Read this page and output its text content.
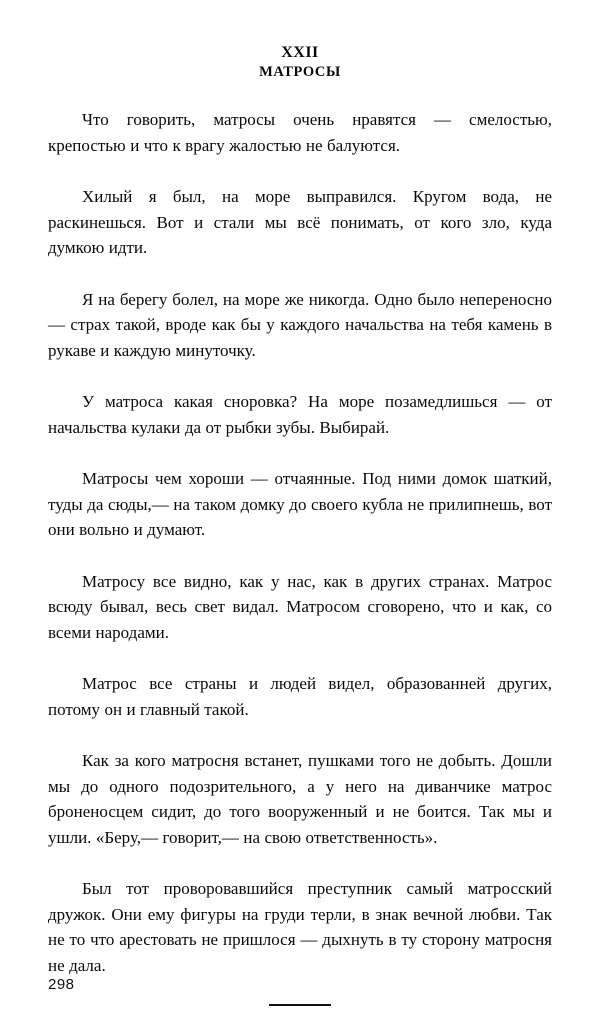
XXII
МАТРОСЫ

Что говорить, матросы очень нравятся — смелостью, крепостью и что к врагу жалостью не балуются.

Хилый я был, на море выправился. Кругом вода, не раскинешься. Вот и стали мы всё понимать, от кого зло, куда думкою идти.

Я на берегу болел, на море же никогда. Одно было непереносно — страх такой, вроде как бы у каждого начальства на тебя камень в рукаве и каждую минуточку.

У матроса какая сноровка? На море позамедлишься — от начальства кулаки да от рыбки зубы. Выбирай.

Матросы чем хороши — отчаянные. Под ними домок шаткий, туды да сюды,— на таком домку до своего кубла не прилипнешь, вот они вольно и думают.

Матросу все видно, как у нас, как в других странах. Матрос всюду бывал, весь свет видал. Матросом сговорено, что и как, со всеми народами.

Матрос все страны и людей видел, образованней других, потому он и главный такой.

Как за кого матросня встанет, пушками того не добыть. Дошли мы до одного подозрительного, а у него на диванчике матрос броненосцем сидит, до того вооруженный и не боится. Так мы и ушли. «Беру,— говорит,— на свою ответственность».

Был тот проворовавшийся преступник самый матросский дружок. Они ему фигуры на груди терли, в знак вечной любви. Так не то что арестовать не пришлося — дыхнуть в ту сторону матросня не дала.

298
